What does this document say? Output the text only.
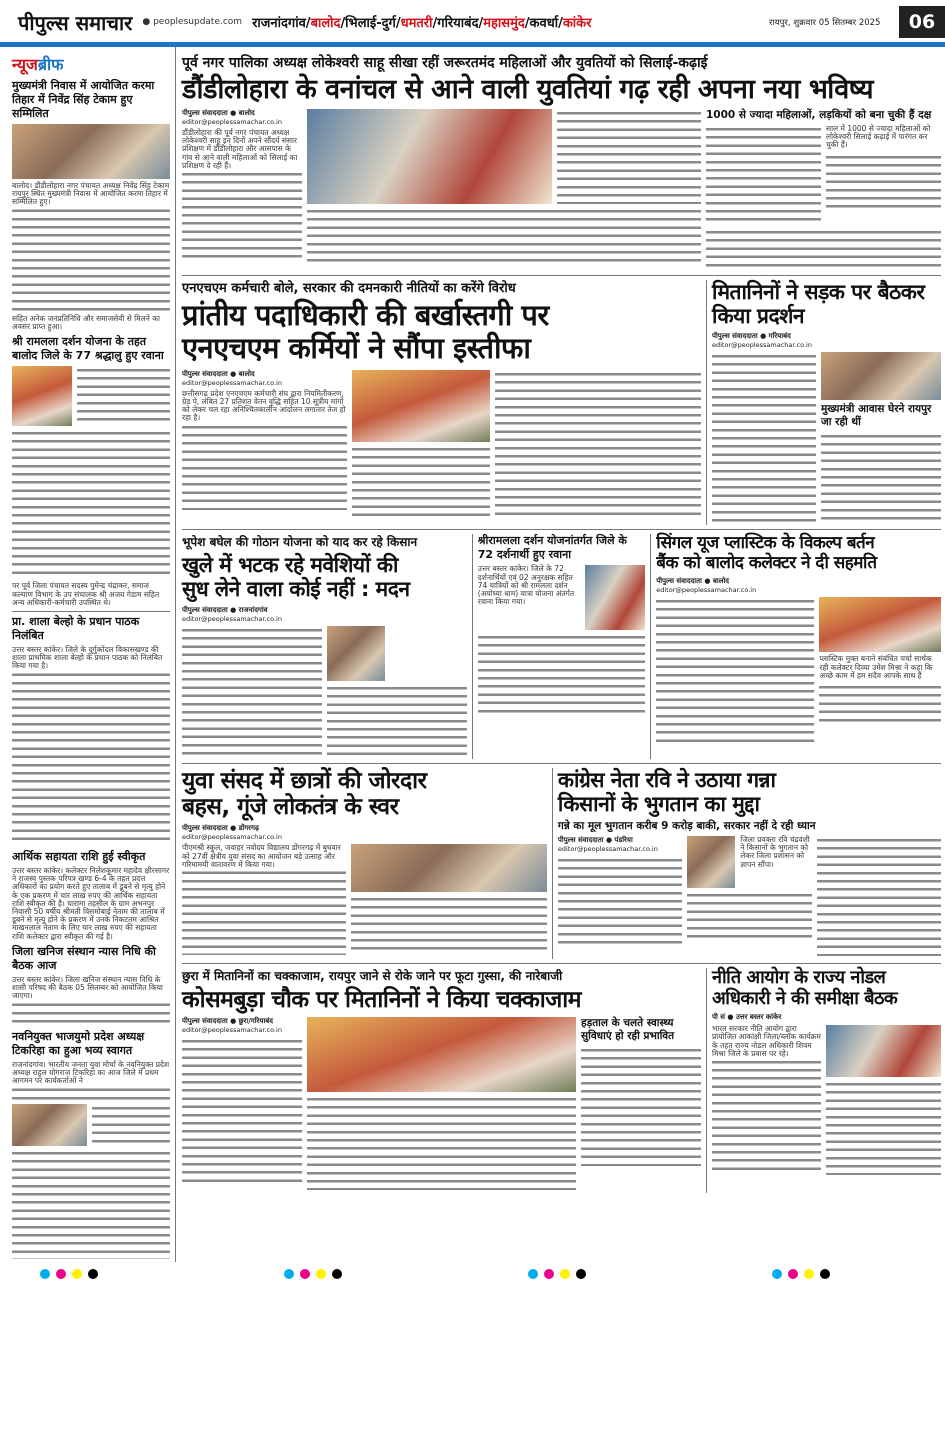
पीपुल्स समाचार ● peoplesupdate.com राजनांदगांव/बालोद/भिलाई-दुर्ग/धमतरी/गरियाबंद/महासमुंद/कवर्धा/कांकेर	रायपुर, शुक्रवार 05 सितम्बर 2025	06
न्यूजब्रीफ
मुख्यमंत्री निवास में आयोजित करमा तिहार में निवेंद्र सिंह टेकाम हुए सम्मिलित
बालोद। डौंडीलोहारा नगर पंचायत अध्यक्ष निवेंद्र सिंह टेकाम रायपुर स्थित मुख्यमंत्री निवास में आयोजित करमा तिहार में सम्मिलित हुए।
सहित अनेक जनप्रतिनिधि और समाजसेवी से मिलने का अवसर प्राप्त हुआ।
श्री रामलला दर्शन योजना के तहत बालोद जिले के 77 श्रद्धालु हुए रवाना
पर पूर्व जिला पंचायत सदस्य पुमेन्द्र चंद्राकर, समाज कल्याण विभाग के उप संचालक श्री अजय गेडाम सहित अन्य अधिकारी-कर्मचारी उपस्थित थे।
प्रा. शाला बेल्हो के प्रधान पाठक निलंबित
उत्तर बस्तर कांकेर। जिले के दुर्गुकोंदल विकासखण्ड की शाला प्राथमिक शाला बेल्हो के प्रधान पाठक को निलंबित किया गया है।
आर्थिक सहायता राशि हुई स्वीकृत
उत्तर बस्तर कांकेर। कलेक्टर निलेशकुमार महादेव क्षीरसागर ने राजस्व पुस्तक परिपत्र खण्ड 6-4 के तहत प्रदत्त अधिकारों का प्रयोग करते हुए तालाब में डूबने से मृत्यु होने के एक प्रकरण में चार लाख रुपए की आर्थिक सहायता राशि स्वीकृत की है। चारामा तहसील के ग्राम अभनपुर निवासी 50 वर्षीय श्रीमती विसमोबाई नेताम की तालाब में डूबने से मृत्यु होने के प्रकरण में उनके निकटतम आश्रित माखनलाल नेताम के लिए चार लाख रुपए की सहायता राशि कलेक्टर द्वारा स्वीकृत की गई है।
जिला खनिज संस्थान न्यास निधि की बैठक आज
उत्तर बस्तर कांकेर। जिला खनिज संस्थान न्यास निधि के शासी परिषद की बैठक 05 सितम्बर को आयोजित किया जाएगा।
नवनियुक्त भाजयुमो प्रदेश अध्यक्ष टिकरिहा का हुआ भव्य स्वागत
राजनांदगांव। भारतीय जनता युवा मोर्चा के नवनियुक्त प्रदेश अध्यक्ष राहुल योगराज टिकरिहा का आज जिले में प्रथम आगमन पर कार्यकर्ताओं ने
पूर्व नगर पालिका अध्यक्ष लोकेश्वरी साहू सीखा रहीं जरूरतमंद महिलाओं और युवतियों को सिलाई-कढ़ाई
डौंडीलोहारा के वनांचल से आने वाली युवतियां गढ़ रही अपना नया भविष्य
पीपुल्स संवाददाता ● बालोद
editor@peoplessamachar.co.in
डौंडीलोहारा की पूर्व नगर पंचायत अध्यक्ष लोकेश्वरी साहू इन दिनों अपने सौंदर्य संसार प्रशिक्षण में डौंडीलोहारा और आसपास के गांव से आने वाली महिलाओं को सिलाई का प्रशिक्षण दे रही हैं।
1000 से ज्यादा महिलाओं, लड़कियों को बना चुकी हैं दक्ष
साल में 1000 से ज्यादा महिलाओं को लोकेश्वरी सिलाई कढ़ाई में पारंगत कर चुकी हैं।
एनएचएम कर्मचारी बोले, सरकार की दमनकारी नीतियों का करेंगे विरोध
प्रांतीय पदाधिकारी की बर्खास्तगी पर
एनएचएम कर्मियों ने सौंपा इस्तीफा
पीपुल्स संवाददाता ● बालोद
editor@peoplessamachar.co.in
छत्तीसगढ़ प्रदेश एनएचएम कर्मचारी संघ द्वारा नियमितीकरण, ग्रेड पे, लंबित 27 प्रतिशत वेतन वृद्धि सहित 10 सूत्रीय मांगों को लेकर चल रहा अनिश्चितकालीन आंदोलन लगातार तेज हो रहा है।
मितानिनों ने सड़क पर बैठकर किया प्रदर्शन
पीपुल्स संवाददाता ● गरियाबंद
editor@peoplessamachar.co.in
मुख्यमंत्री आवास घेरने रायपुर जा रही थीं
भूपेश बघेल की गोठान योजना को याद कर रहे किसान
खुले में भटक रहे मवेशियों की
सुध लेने वाला कोई नहीं : मदन
पीपुल्स संवाददाता ● राजनांदगांव
editor@peoplessamachar.co.in
श्रीरामलला दर्शन योजनांतर्गत जिले के 72 दर्शनार्थी हुए रवाना
उत्तर बस्तर कांकेर। जिले के 72 दर्शनार्थियों एवं 02 अनुरक्षक सहित 74 यात्रियों को श्री रामलला दर्शन (अयोध्या धाम) यात्रा योजना अंतर्गत रवाना किया गया।
सिंगल यूज प्लास्टिक के विकल्प बर्तन
बैंक को बालोद कलेक्टर ने दी सहमति
पीपुल्स संवाददाता ● बालोद
editor@peoplessamachar.co.in
प्लास्टिक मुक्त बनाने संबंधित चर्चा सार्थक रही कलेक्टर दिव्या उमेश मिश्रा ने कहा कि अच्छे काम में हम सदैव आपके साथ हैं
युवा संसद में छात्रों की जोरदार
बहस, गूंजे लोकतंत्र के स्वर
पीपुल्स संवाददाता ● डोंगरगढ़
editor@peoplessamachar.co.in
पीएमश्री स्कूल, जवाहर नवोदय विद्यालय डोंगरगढ़ में बुधवार को 27वीं क्षेत्रीय युवा संसद का आयोजन बड़े उत्साह और गरिमामयी वातावरण में किया गया।
कांग्रेस नेता रवि ने उठाया गन्ना
किसानों के भुगतान का मुद्दा
गन्ने का मूल भुगतान करीब 9 करोड़ बाकी, सरकार नहीं दे रही ध्यान
पीपुल्स संवाददाता ● पंडरिया
editor@peoplessamachar.co.in
जिला प्रवक्ता रवि चंद्रवंशी ने किसानों के भुगतान को लेकर जिला प्रशासन को ज्ञापन सौंपा।
छुरा में मितानिनों का चक्काजाम, रायपुर जाने से रोके जाने पर फूटा गुस्सा, की नारेबाजी
कोसमबुड़ा चौक पर मितानिनों ने किया चक्काजाम
पीपुल्स संवाददाता ● छुरा/गरियाबंद
editor@peoplessamachar.co.in
हड़ताल के चलते स्वास्थ्य सुविधाएं हो रही प्रभावित
नीति आयोग के राज्य नोडल अधिकारी ने की समीक्षा बैठक
पी सं ● उत्तर बस्तर कांकेर
भारत सरकार नीति आयोग द्वारा प्रायोजित आकांक्षी जिला/ब्लॉक कार्यक्रम के तहत राज्य नोडल अधिकारी शिवम मिश्रा जिले के प्रवास पर रहे।
